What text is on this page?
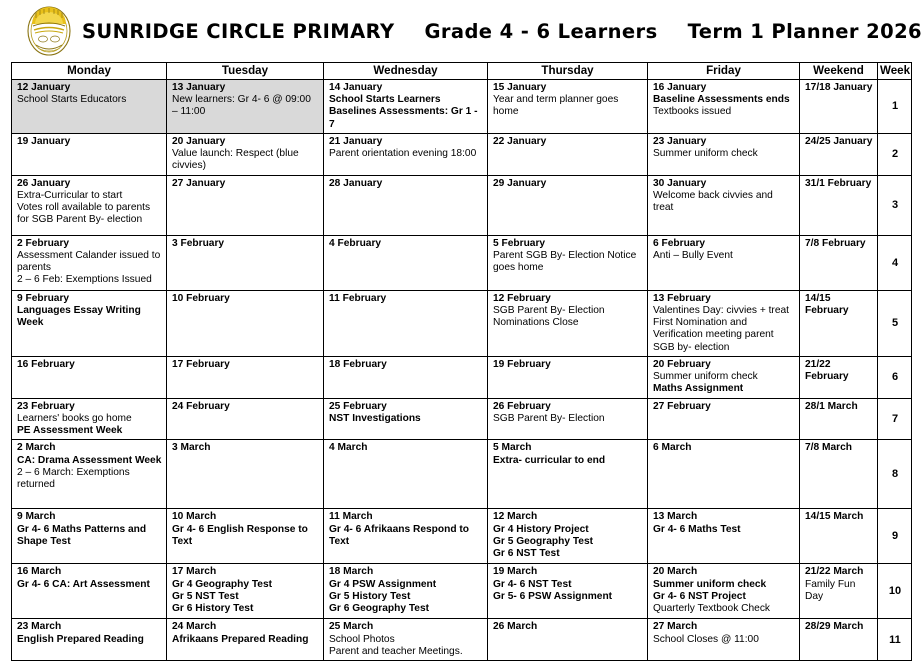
SUNRIDGE CIRCLE PRIMARY Grade 4 - 6 Learners Term 1 Planner 2026
Monday	Tuesday	Wednesday	Thursday	Friday	Weekend	Week

12 January
School Starts Educators	13 January
New learners: Gr 4- 6 @ 09:00 – 11:00	14 January
School Starts Learners
Baselines Assessments: Gr 1 - 7	15 January
Year and term planner goes home	16 January
Baseline Assessments ends
Textbooks issued	17/18 January	1

19 January	20 January
Value launch: Respect (blue civvies)	21 January
Parent orientation evening 18:00	22 January	23 January
Summer uniform check	24/25 January	2

26 January
Extra-Curricular to start
Votes roll available to parents for SGB Parent By- election	27 January	28 January	29 January	30 January
Welcome back civvies and treat	31/1 February	3

2 February
Assessment Calander issued to parents
2 – 6 Feb: Exemptions Issued	3 February	4 February	5 February
Parent SGB By- Election Notice goes home	6 February
Anti – Bully Event	7/8 February	4

9 February
Languages Essay Writing Week	10 February	11 February	12 February
SGB Parent By- Election Nominations Close	13 February
Valentines Day: civvies + treat
First Nomination and Verification meeting parent SGB by- election	14/15 February	5

16 February	17 February	18 February	19 February	20 February
Summer uniform check
Maths Assignment	21/22 February	6

23 February
Learners' books go home
PE Assessment Week	24 February	25 February
NST Investigations	26 February
SGB Parent By- Election	27 February	28/1 March	7

2 March
CA: Drama Assessment Week
2 – 6 March: Exemptions returned	3 March	4 March	5 March
Extra- curricular to end	6 March	7/8 March	8

9 March
Gr 4- 6 Maths Patterns and Shape Test	10 March
Gr 4- 6 English Response to Text	11 March
Gr 4- 6 Afrikaans Respond to Text	12 March
Gr 4 History Project
Gr 5 Geography Test
Gr 6 NST Test	13 March
Gr 4- 6 Maths Test	14/15 March	9

16 March
Gr 4- 6 CA: Art Assessment	17 March
Gr 4 Geography Test
Gr 5 NST Test
Gr 6 History Test	18 March
Gr 4 PSW Assignment
Gr 5 History Test
Gr 6 Geography Test	19 March
Gr 4- 6 NST Test
Gr 5- 6 PSW Assignment	20 March
Summer uniform check
Gr 4- 6 NST Project
Quarterly Textbook Check	21/22 March
Family Fun Day	10

23 March
English Prepared Reading	24 March
Afrikaans Prepared Reading	25 March
School Photos
Parent and teacher Meetings.	26 March	27 March
School Closes @ 11:00	28/29 March	11
